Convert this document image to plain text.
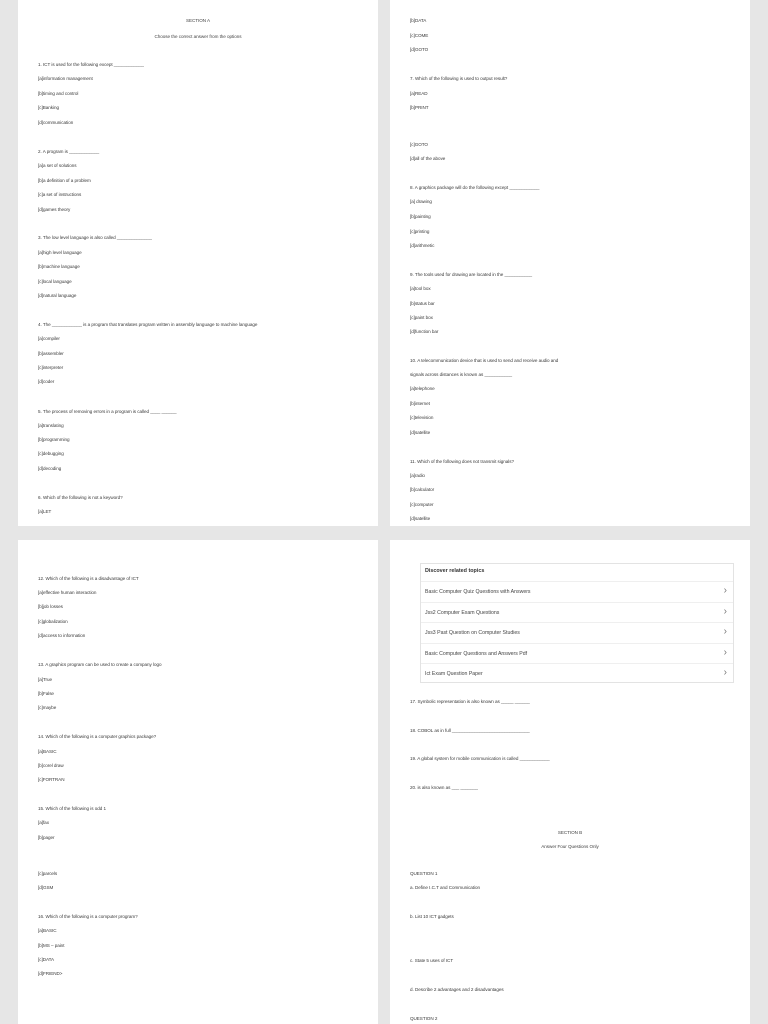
SECTION A
Choose the correct answer from the options
1. ICT is used for the following except ____________
[a]information management
[b]timing and control
[c]Banking
[d]communication
2. A program is ____________
[a]a set of solutions
[b]a definition of a problem
[c]a set of instructions
[d]games theory
3. The low level language is also called ______________
[a]high level language
[b]machine language
[c]local language
[d]natural language
4. The ____________ is a program that translates program written in assembly language to machine language
[a]compiler
[b]assembler
[c]interpreter
[d]coder
5. The process of removing errors in a program is called ____ ______
[a]translating
[b]programming
[c]debugging
[d]decoding
6. Which of the following is not a keyword?
[a]LET
[b]DATA
[c]COME
[d]GOTO
7. Which of the following is used to output result?
[a]READ
[b]PRINT
[c]GOTO
[d]all of the above
8. A graphics package will do the following except ____________
[a] drawing
[b]painting
[c]printing
[d]arithmetic
9. The tools used for drawing are located in the ___________
[a]tool box
[b]status bar
[c]paint box
[d]function bar
10. A telecommunication device that is used to send and receive audio and
signals across distances is known as ___________
[a]telephone
[b]internet
[c]television
[d]satellite
11. Which of the following does not transmit signals?
[a]radio
[b]calculator
[c]computer
[d]satellite
12. Which of the following is a disadvantage of ICT
[a]effective human interaction
[b]job losses
[c]globalization
[d]access to information
13. A graphics program can be used to create a company logo
[a]True
[b]False
[c]maybe
14. Which of the following is a computer graphics package?
[a]BASIC
[b]corel draw
[c]FORTRAN
15. Which of the following is odd 1
[a]fax
[b]pager
[c]parcels
[d]GSM
16. Which of the following is a computer program?
[a]BASIC
[b]MS – paint
[c]DATA
[d]FRIEND>
SECTION B
Answer Four Questions Only
17. Symbolic representation is also known as _____ ______
18. COBOL as in full _______________________________
19. A global system for mobile communication is called ____________
20. is also known as ___ _______
QUESTION 1
a. Define I.C.T and Communication
b. List 10 ICT gadgets
c. State 5 uses of ICT
d. Describe 2 advantages and 2 disadvantages
QUESTION 2
Discover related topics
Basic Computer Quiz Questions with Answers	›
Jss2 Computer Exam Questions	›
Jss3 Past Question on Computer Studies	›
Basic Computer Questions and Answers Pdf	›
Ict Exam Question Paper	›
